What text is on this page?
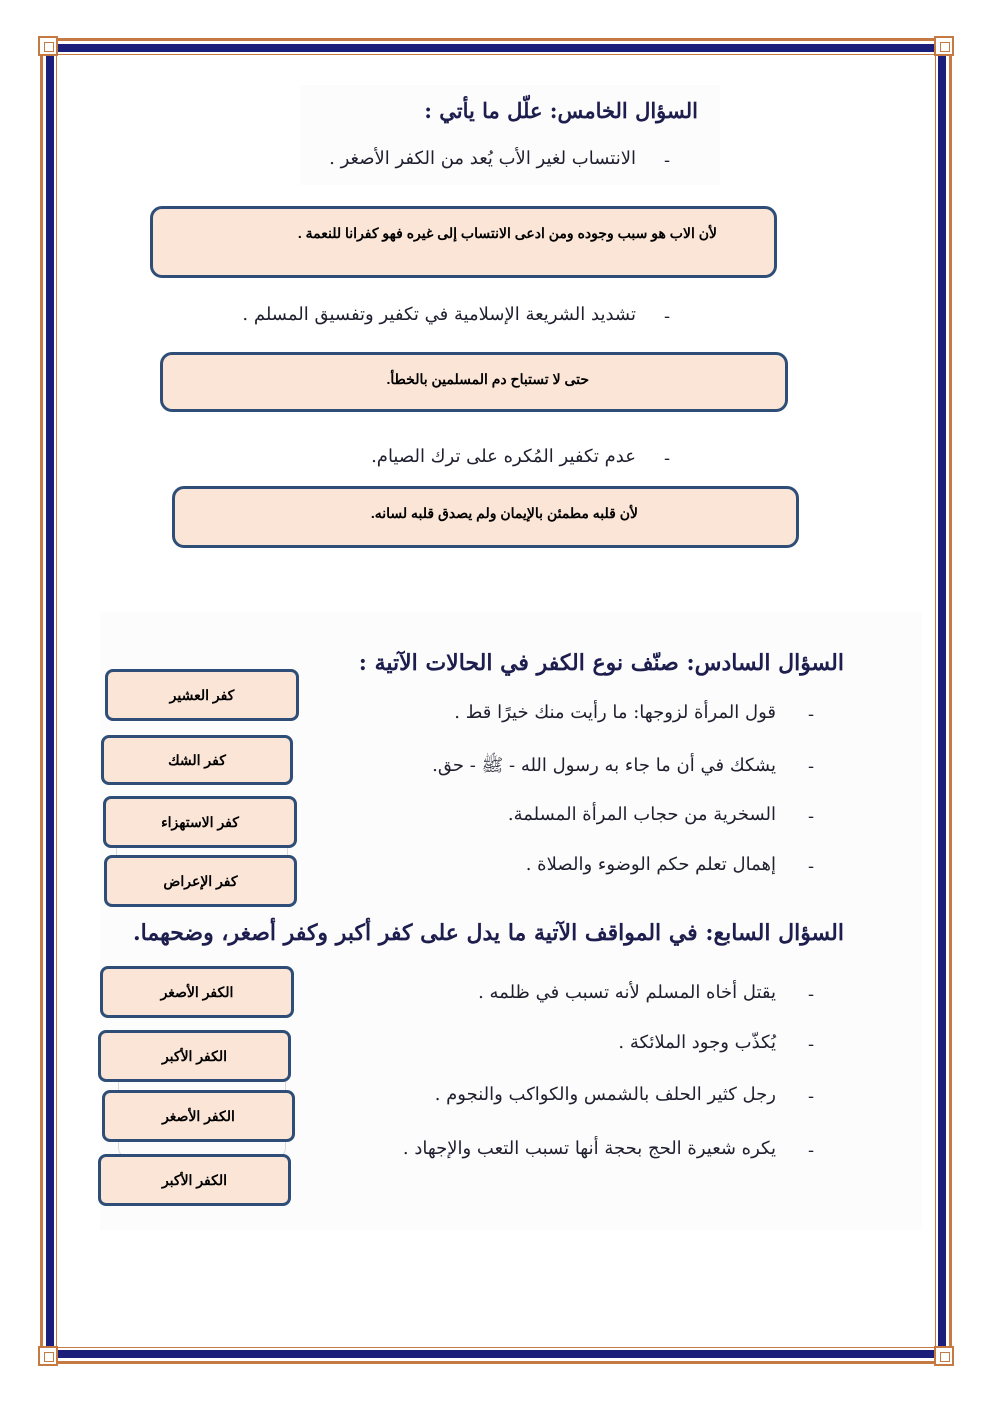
السؤال الخامس: علّل ما يأتي :
-
الانتساب لغير الأب يُعد من الكفر الأصغر .
لأن الاب هو سبب وجوده ومن ادعى الانتساب إلى غيره فهو كفرانا للنعمة .
-
تشديد الشريعة الإسلامية في تكفير وتفسيق المسلم .
حتى لا تستباح دم المسلمين بالخطأ.
-
عدم تكفير المُكره على ترك الصيام.
لأن قلبه مطمئن بالإيمان ولم يصدق قلبه لسانه.
السؤال السادس: صنّف نوع الكفر في الحالات الآتية :
-
قول المرأة لزوجها: ما رأيت منك خيرًا قط .
-
يشكك في أن ما جاء به رسول الله - ﷺ - حق.
-
السخرية من حجاب المرأة المسلمة.
-
إهمال تعلم حكم الوضوء والصلاة .
كفر العشير
كفر الشك
كفر الاستهزاء
كفر الإعراض
السؤال السابع: في المواقف الآتية ما يدل على كفر أكبر وكفر أصغر، وضحهما.
-
يقتل أخاه المسلم لأنه تسبب في ظلمه .
-
يُكذّب وجود الملائكة .
-
رجل كثير الحلف بالشمس والكواكب والنجوم .
-
يكره شعيرة الحج بحجة أنها تسبب التعب والإجهاد .
الكفر الأصغر
الكفر الأكبر
الكفر الأصغر
الكفر الأكبر
